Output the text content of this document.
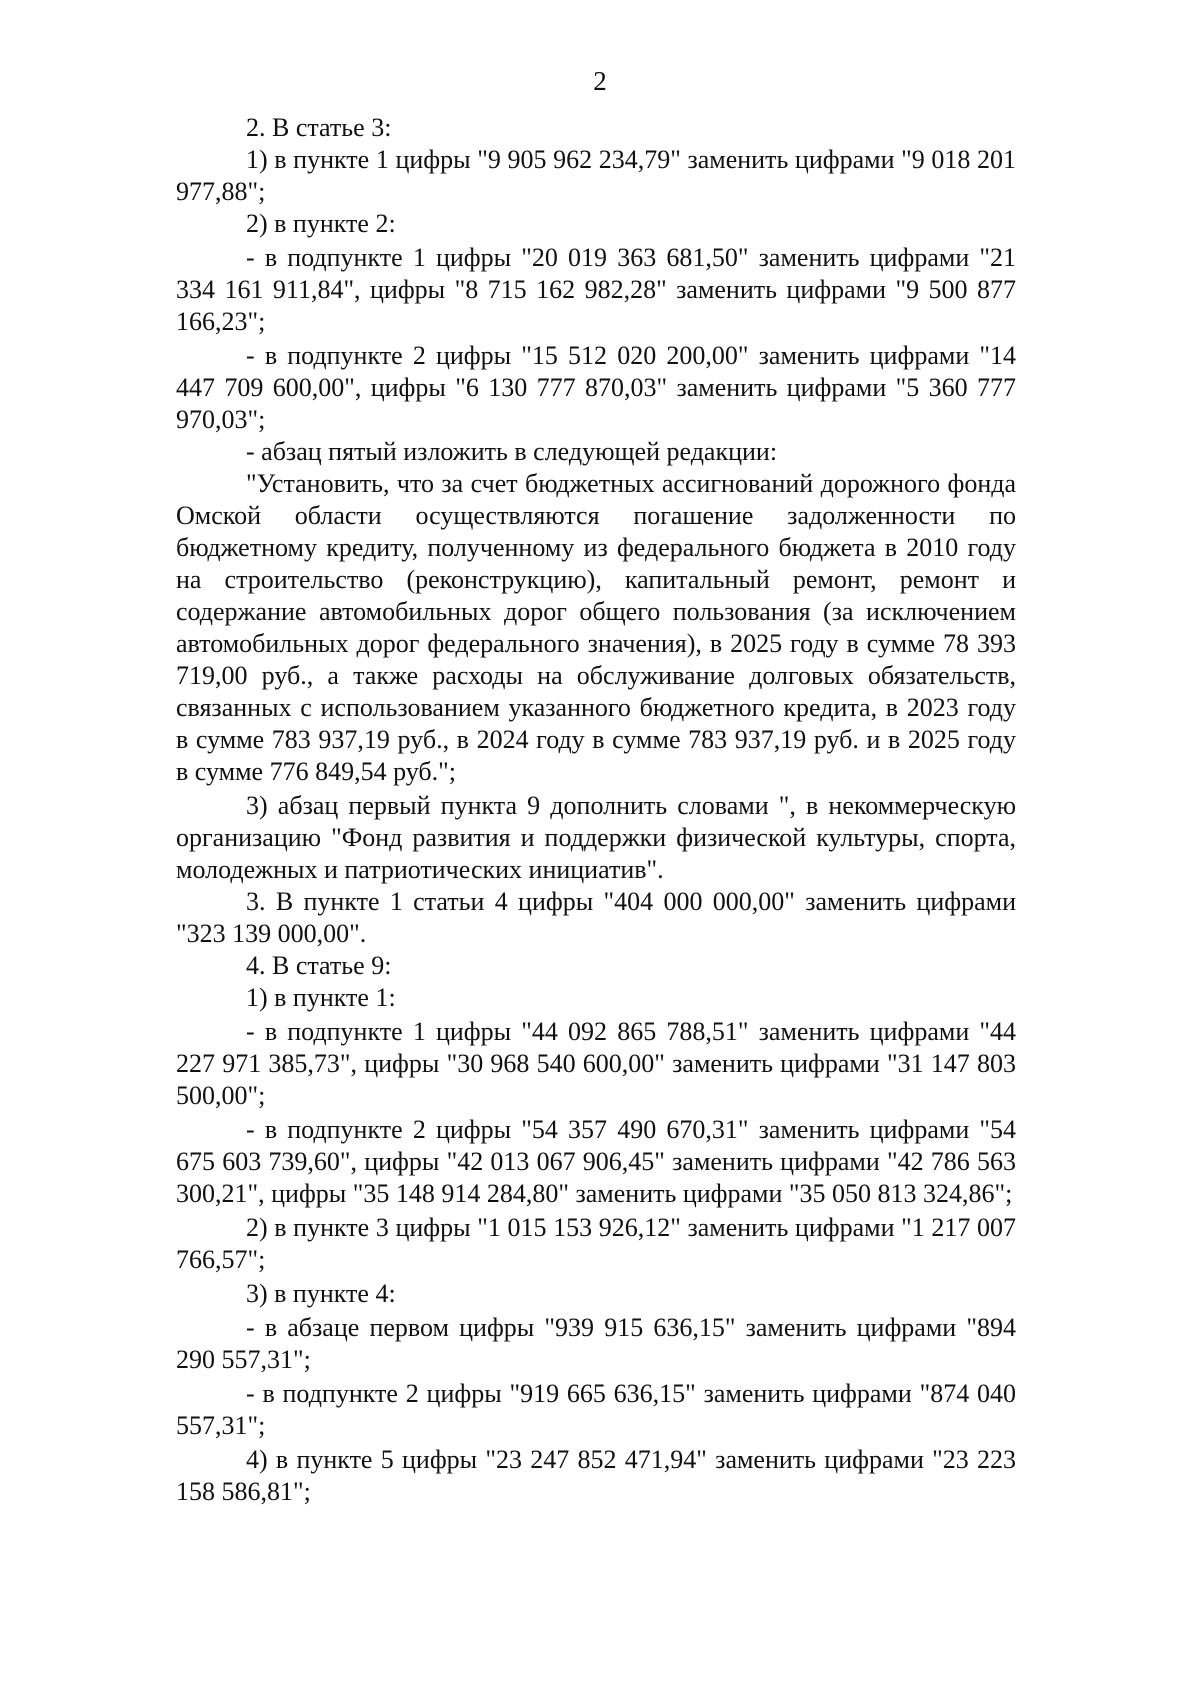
2

2. В статье 3:

1) в пункте 1 цифры "9 905 962 234,79" заменить цифрами "9 018 201 977,88";

2) в пункте 2:

- в подпункте 1 цифры "20 019 363 681,50" заменить цифрами "21 334 161 911,84", цифры "8 715 162 982,28" заменить цифрами "9 500 877 166,23";

- в подпункте 2 цифры "15 512 020 200,00" заменить цифрами "14 447 709 600,00", цифры "6 130 777 870,03" заменить цифрами "5 360 777 970,03";

- абзац пятый изложить в следующей редакции:

"Установить, что за счет бюджетных ассигнований дорожного фонда Омской области осуществляются погашение задолженности по бюджетному кредиту, полученному из федерального бюджета в 2010 году на строительство (реконструкцию), капитальный ремонт, ремонт и содержание автомобильных дорог общего пользования (за исключением автомобильных дорог федерального значения), в 2025 году в сумме 78 393 719,00 руб., а также расходы на обслуживание долговых обязательств, связанных с использованием указанного бюджетного кредита, в 2023 году в сумме 783 937,19 руб., в 2024 году в сумме 783 937,19 руб. и в 2025 году в сумме 776 849,54 руб.";

3) абзац первый пункта 9 дополнить словами ", в некоммерческую организацию "Фонд развития и поддержки физической культуры, спорта, молодежных и патриотических инициатив".

3. В пункте 1 статьи 4 цифры "404 000 000,00" заменить цифрами "323 139 000,00".

4. В статье 9:

1) в пункте 1:

- в подпункте 1 цифры "44 092 865 788,51" заменить цифрами "44 227 971 385,73", цифры "30 968 540 600,00" заменить цифрами "31 147 803 500,00";

- в подпункте 2 цифры "54 357 490 670,31" заменить цифрами "54 675 603 739,60", цифры "42 013 067 906,45" заменить цифрами "42 786 563 300,21", цифры "35 148 914 284,80" заменить цифрами "35 050 813 324,86";

2) в пункте 3 цифры "1 015 153 926,12" заменить цифрами "1 217 007 766,57";

3) в пункте 4:

- в абзаце первом цифры "939 915 636,15" заменить цифрами "894 290 557,31";

- в подпункте 2 цифры "919 665 636,15" заменить цифрами "874 040 557,31";

4) в пункте 5 цифры "23 247 852 471,94" заменить цифрами "23 223 158 586,81";
